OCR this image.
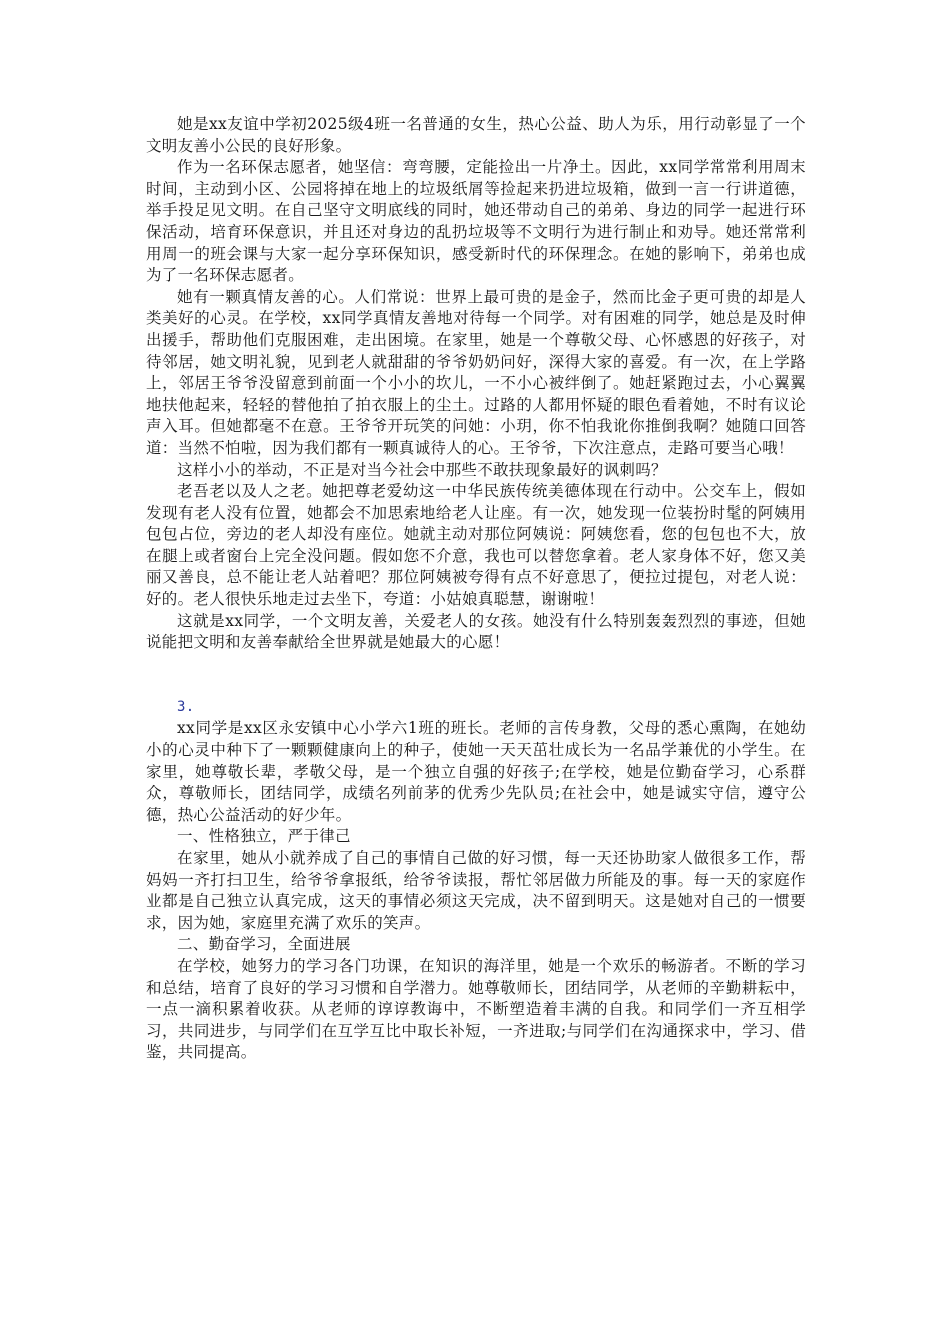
她是xx友谊中学初2025级4班一名普通的女生，热心公益、助人为乐，用行动彰显了一个文明友善小公民的良好形象。

作为一名环保志愿者，她坚信：弯弯腰，定能捡出一片净土。因此，xx同学常常利用周末时间，主动到小区、公园将掉在地上的垃圾纸屑等捡起来扔进垃圾箱，做到一言一行讲道德，举手投足见文明。在自己坚守文明底线的同时，她还带动自己的弟弟、身边的同学一起进行环保活动，培育环保意识，并且还对身边的乱扔垃圾等不文明行为进行制止和劝导。她还常常利用周一的班会课与大家一起分享环保知识，感受新时代的环保理念。在她的影响下，弟弟也成为了一名环保志愿者。

她有一颗真情友善的心。人们常说：世界上最可贵的是金子，然而比金子更可贵的却是人类美好的心灵。在学校，xx同学真情友善地对待每一个同学。对有困难的同学，她总是及时伸出援手，帮助他们克服困难，走出困境。在家里，她是一个尊敬父母、心怀感恩的好孩子，对待邻居，她文明礼貌，见到老人就甜甜的爷爷奶奶问好，深得大家的喜爱。有一次，在上学路上，邻居王爷爷没留意到前面一个小小的坎儿，一不小心被绊倒了。她赶紧跑过去，小心翼翼地扶他起来，轻轻的替他拍了拍衣服上的尘土。过路的人都用怀疑的眼色看着她，不时有议论声入耳。但她都毫不在意。王爷爷开玩笑的问她：小玥，你不怕我讹你推倒我啊？她随口回答道：当然不怕啦，因为我们都有一颗真诚待人的心。王爷爷，下次注意点，走路可要当心哦！

这样小小的举动，不正是对当今社会中那些不敢扶现象最好的讽刺吗？

老吾老以及人之老。她把尊老爱幼这一中华民族传统美德体现在行动中。公交车上，假如发现有老人没有位置，她都会不加思索地给老人让座。有一次，她发现一位装扮时髦的阿姨用包包占位，旁边的老人却没有座位。她就主动对那位阿姨说：阿姨您看，您的包包也不大，放在腿上或者窗台上完全没问题。假如您不介意，我也可以替您拿着。老人家身体不好，您又美丽又善良，总不能让老人站着吧？那位阿姨被夸得有点不好意思了，便拉过提包，对老人说：好的。老人很快乐地走过去坐下，夸道：小姑娘真聪慧，谢谢啦！

这就是xx同学，一个文明友善，关爱老人的女孩。她没有什么特别轰轰烈烈的事迹，但她说能把文明和友善奉献给全世界就是她最大的心愿！

3.

xx同学是xx区永安镇中心小学六1班的班长。老师的言传身教，父母的悉心熏陶，在她幼小的心灵中种下了一颗颗健康向上的种子，使她一天天茁壮成长为一名品学兼优的小学生。在家里，她尊敬长辈，孝敬父母，是一个独立自强的好孩子;在学校，她是位勤奋学习，心系群众，尊敬师长，团结同学，成绩名列前茅的优秀少先队员;在社会中，她是诚实守信，遵守公德，热心公益活动的好少年。

一、性格独立，严于律己

在家里，她从小就养成了自己的事情自己做的好习惯，每一天还协助家人做很多工作，帮妈妈一齐打扫卫生，给爷爷拿报纸，给爷爷读报，帮忙邻居做力所能及的事。每一天的家庭作业都是自己独立认真完成，这天的事情必须这天完成，决不留到明天。这是她对自己的一惯要求，因为她，家庭里充满了欢乐的笑声。

二、勤奋学习，全面进展

在学校，她努力的学习各门功课，在知识的海洋里，她是一个欢乐的畅游者。不断的学习和总结，培育了良好的学习习惯和自学潜力。她尊敬师长，团结同学，从老师的辛勤耕耘中，一点一滴积累着收获。从老师的谆谆教诲中，不断塑造着丰满的自我。和同学们一齐互相学习，共同进步，与同学们在互学互比中取长补短，一齐进取;与同学们在沟通探求中，学习、借鉴，共同提高。
